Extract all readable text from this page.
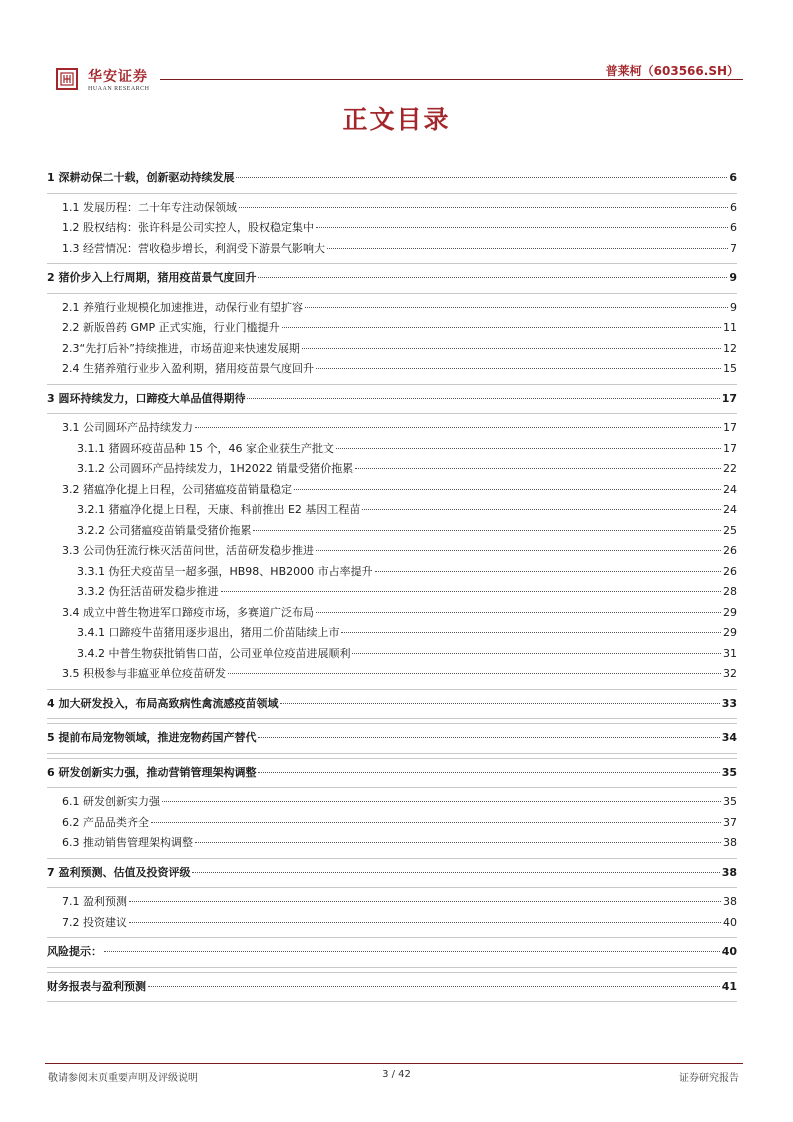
华安证券
HUAAN RESEARCH
普莱柯（603566.SH）
正文目录
1 深耕动保二十载，创新驱动持续发展	6
1.1 发展历程：二十年专注动保领域	6
1.2 股权结构：张许科是公司实控人，股权稳定集中	6
1.3 经营情况：营收稳步增长，利润受下游景气影响大	7
2 猪价步入上行周期，猪用疫苗景气度回升	9
2.1 养殖行业规模化加速推进，动保行业有望扩容	9
2.2 新版兽药 GMP 正式实施，行业门槛提升	11
2.3“先打后补”持续推进，市场苗迎来快速发展期	12
2.4 生猪养殖行业步入盈利期，猪用疫苗景气度回升	15
3 圆环持续发力，口蹄疫大单品值得期待	17
3.1 公司圆环产品持续发力	17
3.1.1 猪圆环疫苗品种 15 个，46 家企业获生产批文	17
3.1.2 公司圆环产品持续发力，1H2022 销量受猪价拖累	22
3.2 猪瘟净化提上日程，公司猪瘟疫苗销量稳定	24
3.2.1 猪瘟净化提上日程，天康、科前推出 E2 基因工程苗	24
3.2.2 公司猪瘟疫苗销量受猪价拖累	25
3.3 公司伪狂流行株灭活苗问世，活苗研发稳步推进	26
3.3.1 伪狂犬疫苗呈一超多强，HB98、HB2000 市占率提升	26
3.3.2 伪狂活苗研发稳步推进	28
3.4 成立中普生物进军口蹄疫市场，多赛道广泛布局	29
3.4.1 口蹄疫牛苗猪用逐步退出，猪用二价苗陆续上市	29
3.4.2 中普生物获批销售口苗，公司亚单位疫苗进展顺利	31
3.5 积极参与非瘟亚单位疫苗研发	32
4 加大研发投入，布局高致病性禽流感疫苗领域	33
5 提前布局宠物领域，推进宠物药国产替代	34
6 研发创新实力强，推动营销管理架构调整	35
6.1 研发创新实力强	35
6.2 产品品类齐全	37
6.3 推动销售管理架构调整	38
7 盈利预测、估值及投资评级	38
7.1 盈利预测	38
7.2 投资建议	40
风险提示：	40
财务报表与盈利预测	41
敬请参阅末页重要声明及评级说明	3 / 42	证券研究报告
